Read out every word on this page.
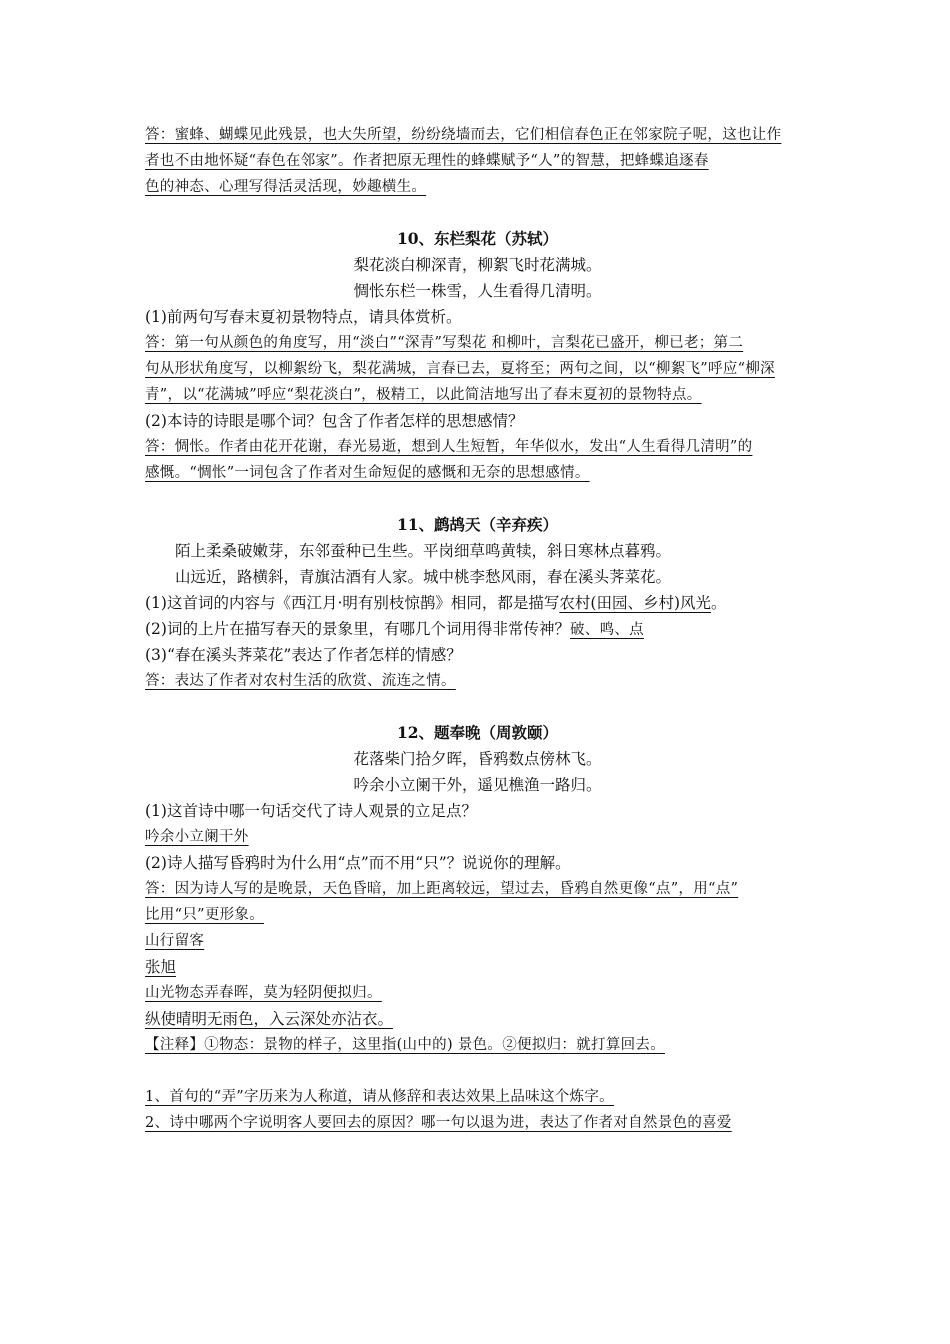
答：蜜蜂、蝴蝶见此残景，也大失所望，纷纷绕墙而去，它们相信春色正在邻家院子呢，这也让作
者也不由地怀疑“春色在邻家”。作者把原无理性的蜂蝶赋予“人”的智慧，把蜂蝶追逐春
色的神态、心理写得活灵活现，妙趣横生。
10、东栏梨花（苏轼）
梨花淡白柳深青，柳絮飞时花满城。
惆怅东栏一株雪，人生看得几清明。
(1)前两句写春末夏初景物特点，请具体赏析。
答：第一句从颜色的角度写，用“淡白”“深青”写梨花 和柳叶，言梨花已盛开，柳已老；第二
句从形状角度写，以柳絮纷飞，梨花满城，言春已去，夏将至；两句之间，以“柳絮飞”呼应“柳深
青”，以“花满城”呼应“梨花淡白”，极精工，以此简洁地写出了春末夏初的景物特点。
(2)本诗的诗眼是哪个词？包含了作者怎样的思想感情？
答：惆怅。作者由花开花谢，春光易逝，想到人生短暂，年华似水，发出“人生看得几清明”的
感慨。“惆怅”一词包含了作者对生命短促的感慨和无奈的思想感情。
11、鹧鸪天（辛弃疾）
陌上柔桑破嫩芽，东邻蚕种已生些。平岗细草鸣黄犊，斜日寒林点暮鸦。
山远近，路横斜，青旗沽酒有人家。城中桃李愁风雨，春在溪头荠菜花。
(1)这首词的内容与《西江月·明有别枝惊鹊》相同，都是描写农村(田园、乡村)风光。
(2)词的上片在描写春天的景象里，有哪几个词用得非常传神？破、鸣、点
(3)“春在溪头荠菜花”表达了作者怎样的情感？
答：表达了作者对农村生活的欣赏、流连之情。
12、题奉晚（周敦颐）
花落柴门拾夕晖，昏鸦数点傍林飞。
吟余小立阑干外，遥见樵渔一路归。
(1)这首诗中哪一句话交代了诗人观景的立足点？
吟余小立阑干外
(2)诗人描写昏鸦时为什么用“点”而不用“只”？说说你的理解。
答：因为诗人写的是晚景，天色昏暗，加上距离较远，望过去，昏鸦自然更像“点”，用“点”
比用“只”更形象。
山行留客
张旭
山光物态弄春晖，莫为轻阴便拟归。
纵使晴明无雨色，入云深处亦沾衣。
【注释】①物态：景物的样子，这里指(山中的) 景色。②便拟归：就打算回去。
1、首句的“弄”字历来为人称道，请从修辞和表达效果上品味这个炼字。
2、诗中哪两个字说明客人要回去的原因？哪一句以退为进，表达了作者对自然景色的喜爱
